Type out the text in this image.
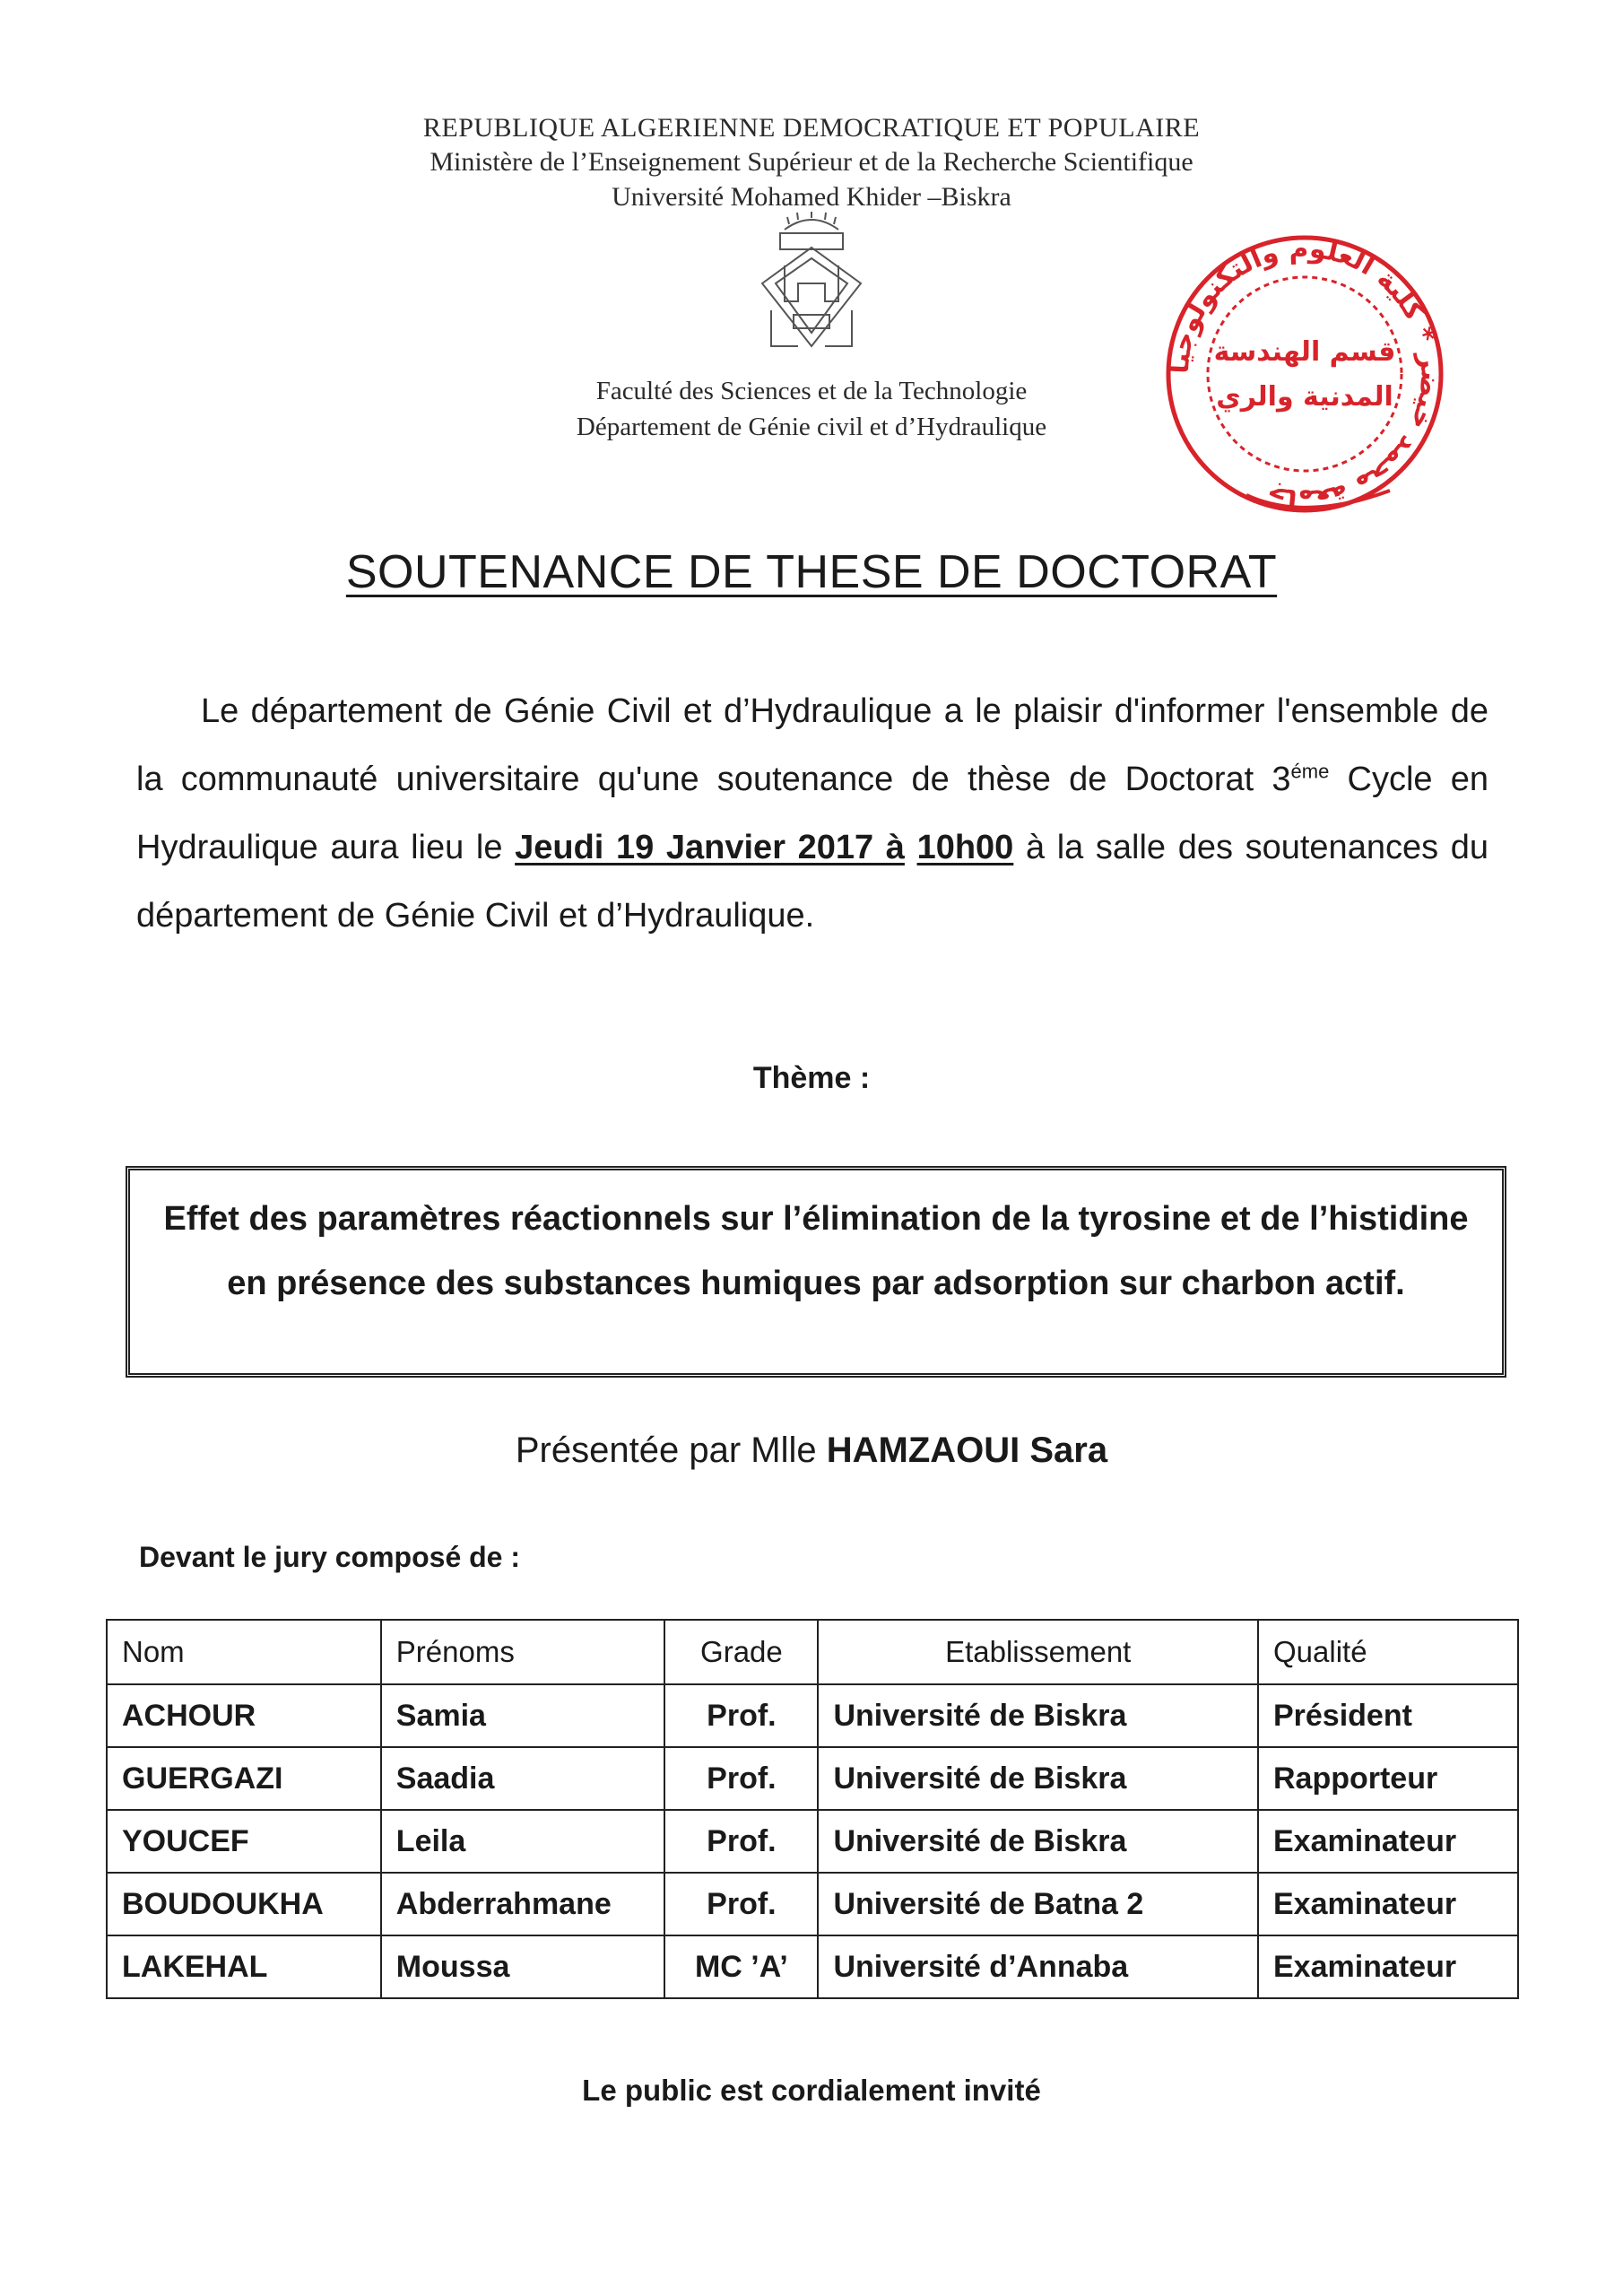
REPUBLIQUE ALGERIENNE DEMOCRATIQUE ET POPULAIRE
Ministère de l’Enseignement Supérieur et de la Recherche Scientifique
Université Mohamed Khider –Biskra
Faculté des Sciences et de la Technologie
Département de Génie civil et d’Hydraulique
جامعة محمد خيضر * كلية العلوم والتكنولوجيا
قسم الهندسة
المدنية والري
SOUTENANCE DE THESE DE DOCTORAT

Le département de Génie Civil et d’Hydraulique a le plaisir d'informer l'ensemble de la communauté universitaire qu'une soutenance de thèse de Doctorat $3^{éme}$ Cycle en Hydraulique aura lieu le Jeudi 19 Janvier 2017 à 10h00 à la salle des soutenances du département de Génie Civil et d’Hydraulique.

Thème :
Effet des paramètres réactionnels sur l’élimination de la tyrosine et de l’histidine en présence des substances humiques par adsorption sur charbon actif.
Présentée par Mlle HAMZAOUI Sara
Devant le jury composé de :
Nom	Prénoms	Grade	Etablissement	Qualité
ACHOUR	Samia	Prof.	Université de Biskra	Président
GUERGAZI	Saadia	Prof.	Université de Biskra	Rapporteur
YOUCEF	Leila	Prof.	Université de Biskra	Examinateur
BOUDOUKHA	Abderrahmane	Prof.	Université de Batna 2	Examinateur
LAKEHAL	Moussa	MC ’A’	Université d’Annaba	Examinateur
Le public est cordialement invité
